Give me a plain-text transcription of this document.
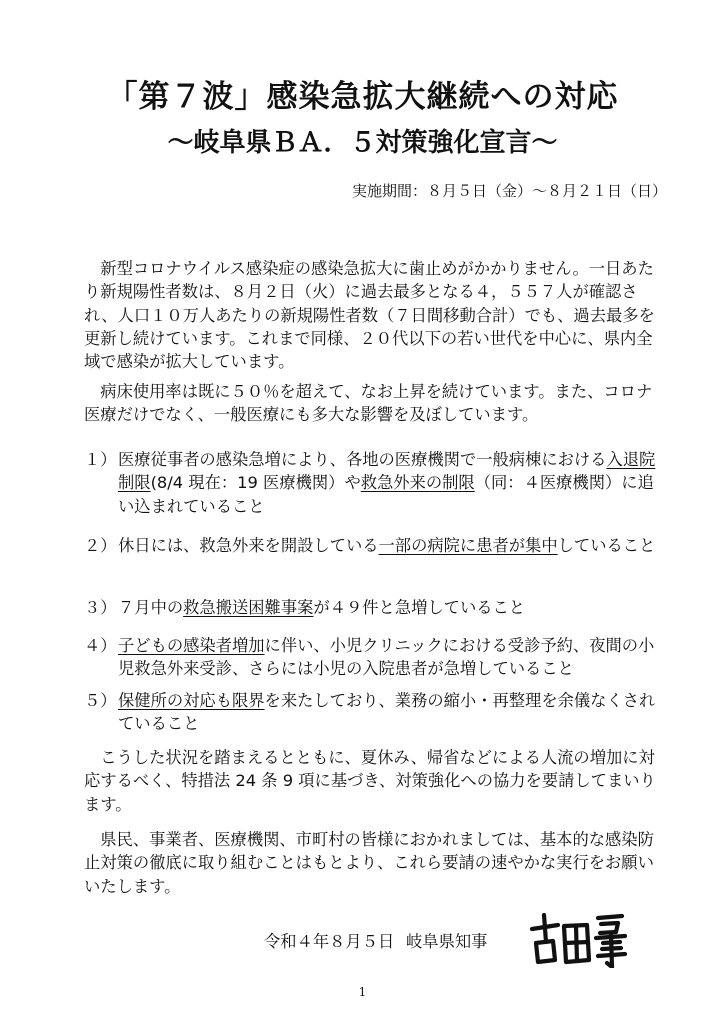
「第７波」感染急拡大継続への対応
～岐阜県ＢＡ．５対策強化宣言～
実施期間：８月５日（金）～８月２１日（日）
新型コロナウイルス感染症の感染急拡大に歯止めがかかりません。一日あたり新規陽性者数は、８月２日（火）に過去最多となる４，５５７人が確認され、人口１０万人あたりの新規陽性者数（７日間移動合計）でも、過去最多を更新し続けています。これまで同様、２０代以下の若い世代を中心に、県内全域で感染が拡大しています。
病床使用率は既に５０％を超えて、なお上昇を続けています。また、コロナ医療だけでなく、一般医療にも多大な影響を及ぼしています。
１） 医療従事者の感染急増により、各地の医療機関で一般病棟における入退院制限(8/4 現在：19 医療機関）や救急外来の制限（同：４医療機関）に追い込まれていること
２） 休日には、救急外来を開設している一部の病院に患者が集中していること
３） ７月中の救急搬送困難事案が４９件と急増していること
４） 子どもの感染者増加に伴い、小児クリニックにおける受診予約、夜間の小児救急外来受診、さらには小児の入院患者が急増していること
５） 保健所の対応も限界を来たしており、業務の縮小・再整理を余儀なくされていること
こうした状況を踏まえるとともに、夏休み、帰省などによる人流の増加に対応するべく、特措法 24 条 9 項に基づき、対策強化への協力を要請してまいります。
県民、事業者、医療機関、市町村の皆様におかれましては、基本的な感染防止対策の徹底に取り組むことはもとより、これら要請の速やかな実行をお願いいたします。
令和４年８月５日 岐阜県知事
1
